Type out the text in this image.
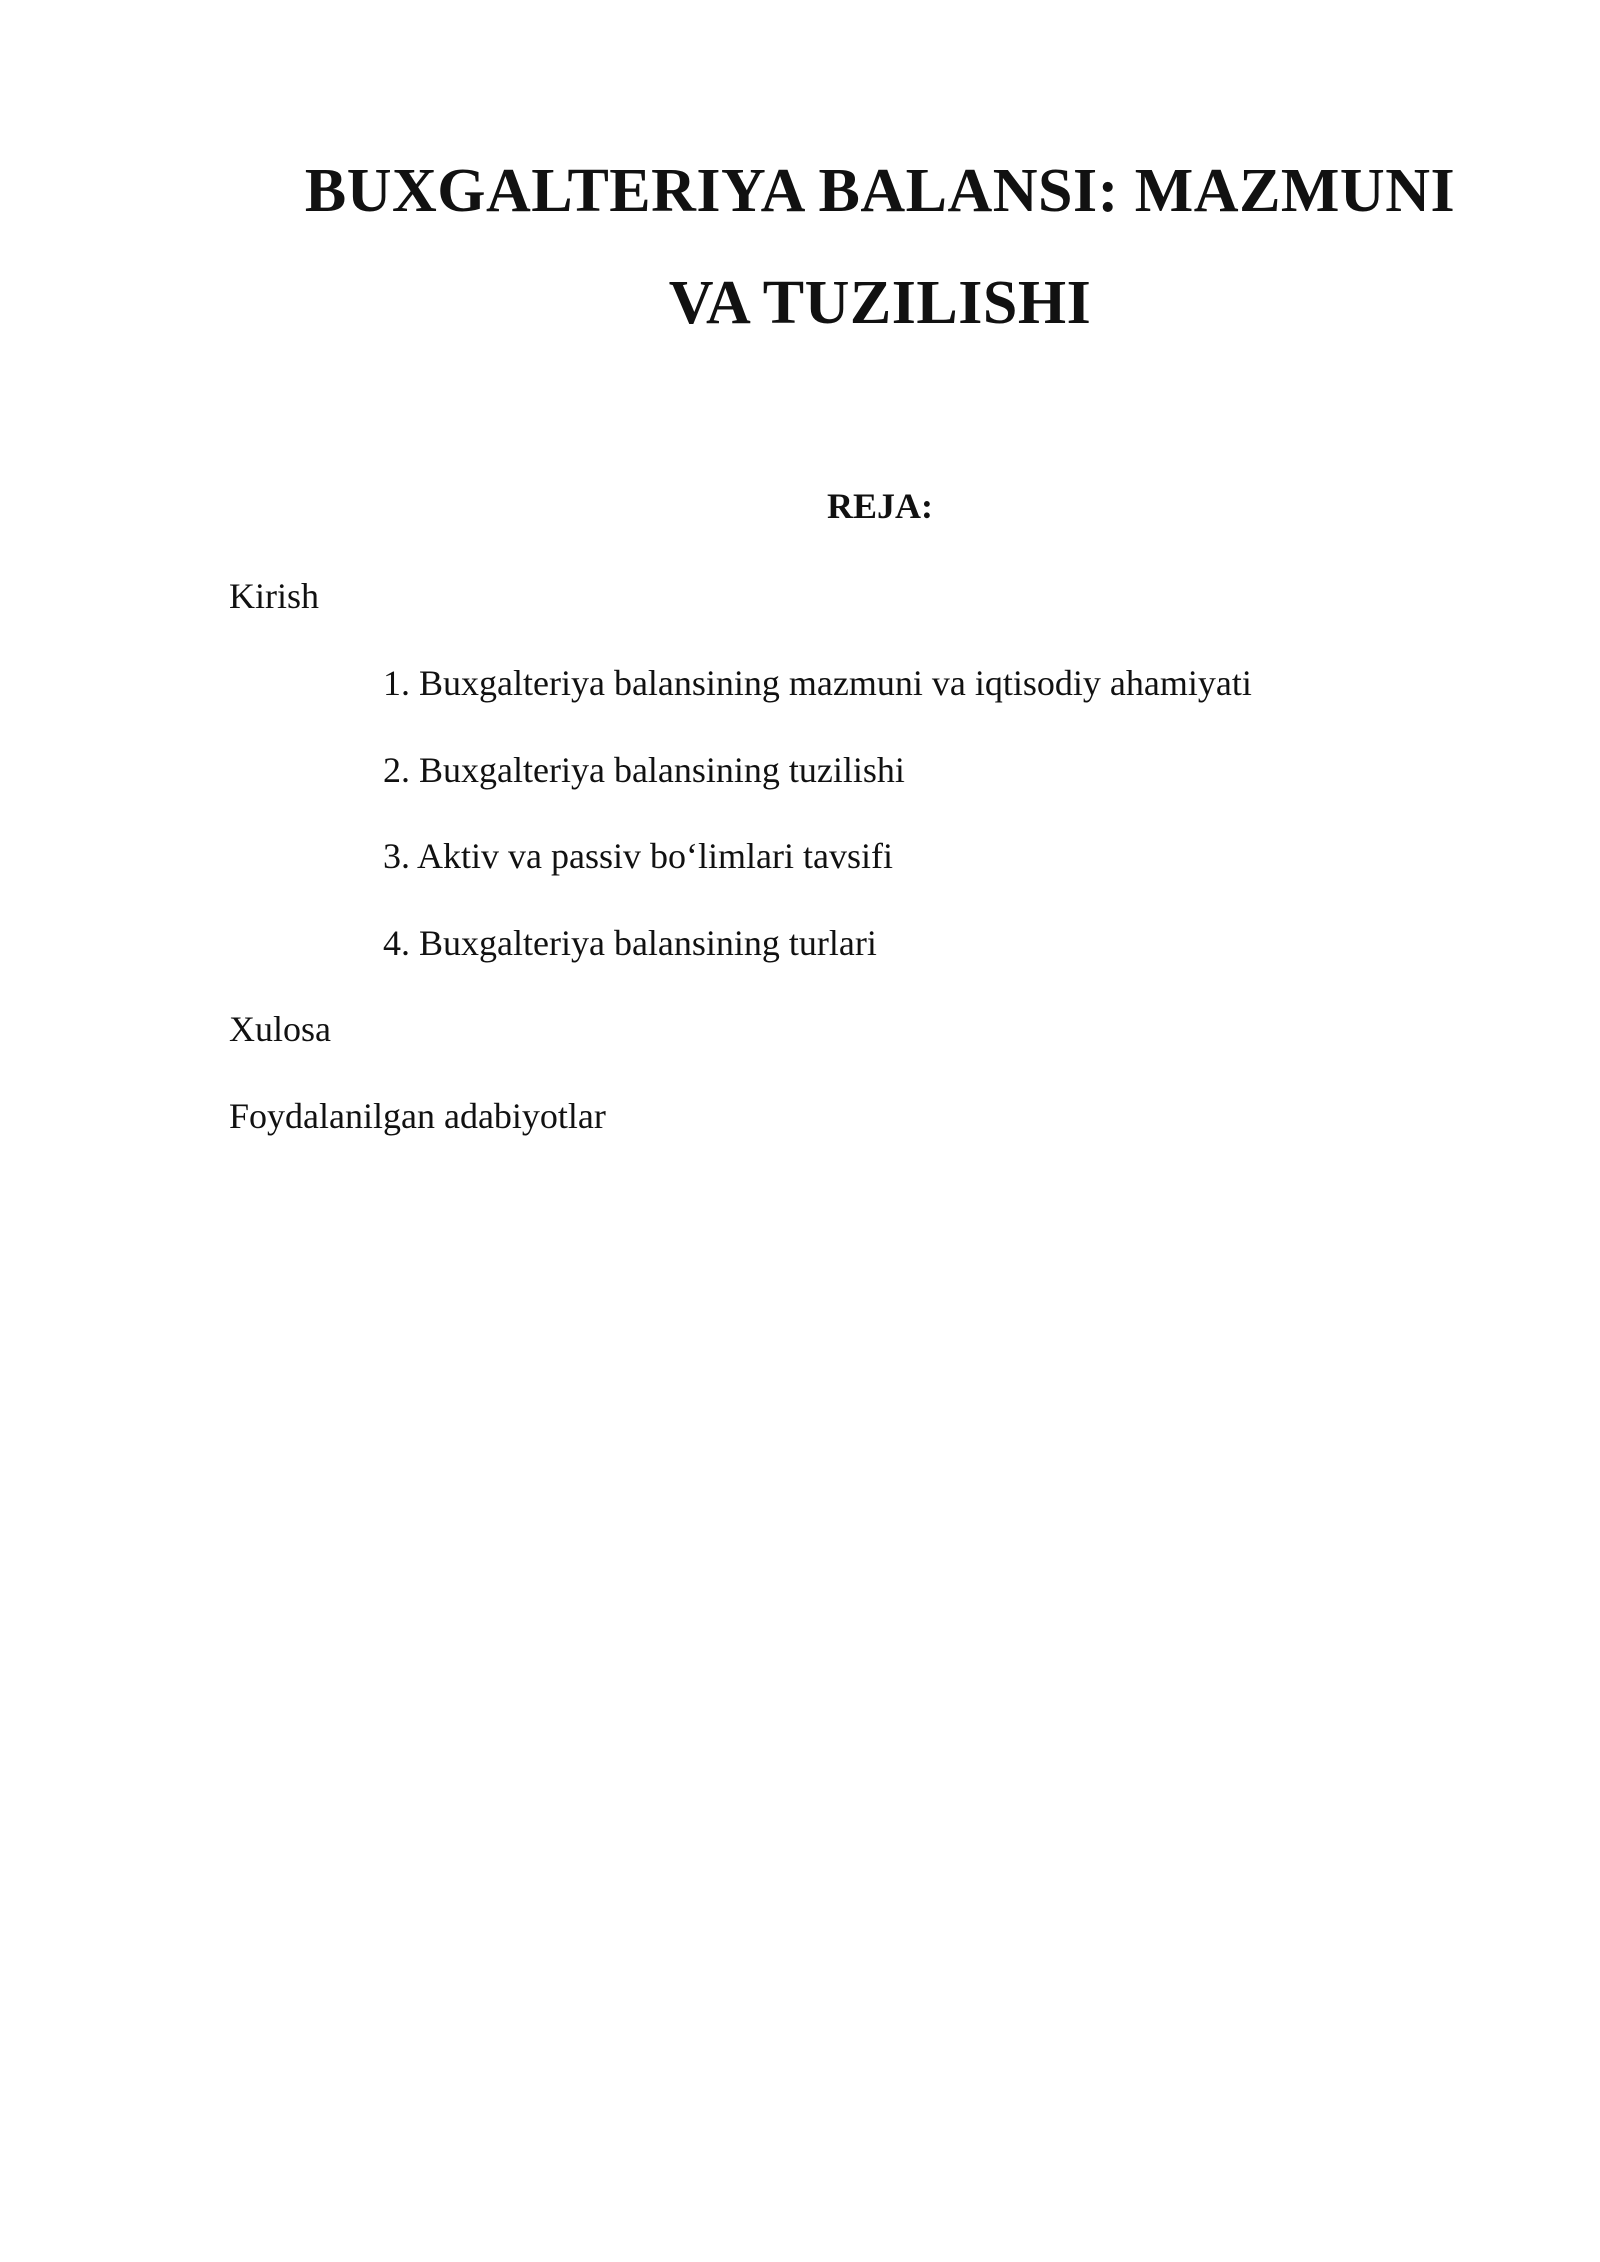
BUXGALTERIYA BALANSI: MAZMUNI
VA TUZILISHI
REJA:

Kirish

1. Buxgalteriya balansining mazmuni va iqtisodiy ahamiyati

2. Buxgalteriya balansining tuzilishi

3. Aktiv va passiv bo‘limlari tavsifi

4. Buxgalteriya balansining turlari

Xulosa

Foydalanilgan adabiyotlar
